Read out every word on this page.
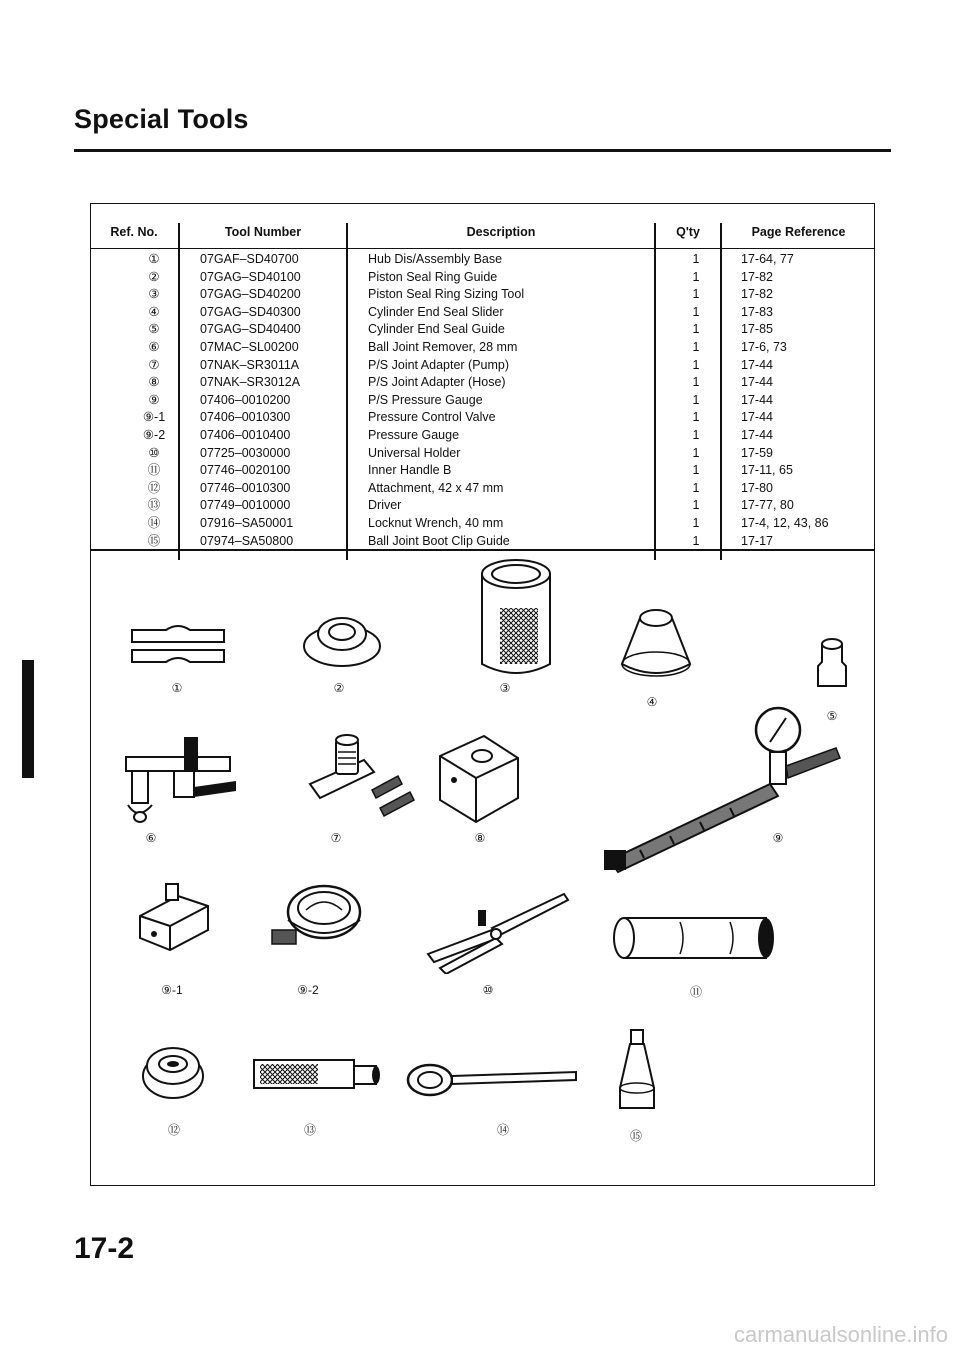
Special Tools
Ref. No.	Tool Number	Description	Q'ty	Page Reference
①	07GAF–SD40700	Hub Dis/Assembly Base	1	17-64, 77
②	07GAG–SD40100	Piston Seal Ring Guide	1	17-82
③	07GAG–SD40200	Piston Seal Ring Sizing Tool	1	17-82
④	07GAG–SD40300	Cylinder End Seal Slider	1	17-83
⑤	07GAG–SD40400	Cylinder End Seal Guide	1	17-85
⑥	07MAC–SL00200	Ball Joint Remover, 28 mm	1	17-6, 73
⑦	07NAK–SR3011A	P/S Joint Adapter (Pump)	1	17-44
⑧	07NAK–SR3012A	P/S Joint Adapter (Hose)	1	17-44
⑨	07406–0010200	P/S Pressure Gauge	1	17-44
⑨-1	07406–0010300	Pressure Control Valve	1	17-44
⑨-2	07406–0010400	Pressure Gauge	1	17-44
⑩	07725–0030000	Universal Holder	1	17-59
⑪	07746–0020100	Inner Handle B	1	17-11, 65
⑫	07746–0010300	Attachment, 42 x 47 mm	1	17-80
⑬	07749–0010000	Driver	1	17-77, 80
⑭	07916–SA50001	Locknut Wrench, 40 mm	1	17-4, 12, 43, 86
⑮	07974–SA50800	Ball Joint Boot Clip Guide	1	17-17
①	②	③
④
⑤
⑥	⑦	⑧	⑨
⑨-1	⑨-2	⑩	⑪
⑫	⑬	⑭	⑮
17-2
carmanualsonline.info
